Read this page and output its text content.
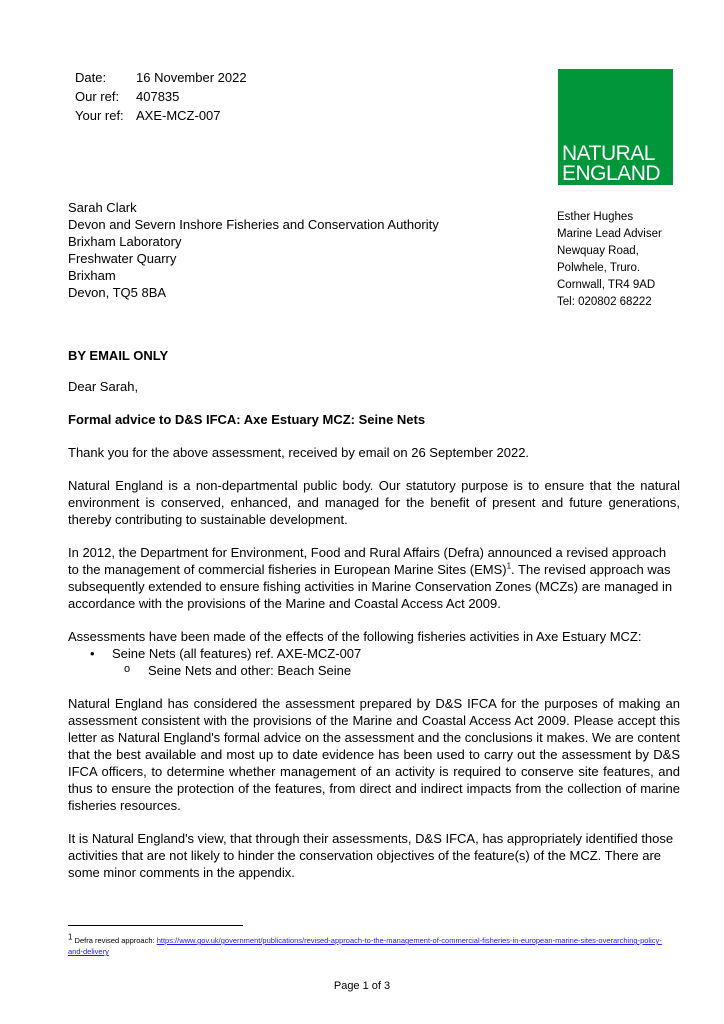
Date:	16 November 2022
Our ref:	407835
Your ref: AXE-MCZ-007
NATURAL
ENGLAND
Sarah Clark
Devon and Severn Inshore Fisheries and Conservation Authority
Brixham Laboratory
Freshwater Quarry
Brixham
Devon, TQ5 8BA
Esther Hughes
Marine Lead Adviser
Newquay Road,
Polwhele, Truro.
Cornwall, TR4 9AD
Tel: 020802 68222

BY EMAIL ONLY

Dear Sarah,

Formal advice to D&S IFCA: Axe Estuary MCZ: Seine Nets

Thank you for the above assessment, received by email on 26 September 2022.

Natural England is a non-departmental public body. Our statutory purpose is to ensure that the natural environment is conserved, enhanced, and managed for the benefit of present and future generations, thereby contributing to sustainable development.

In 2012, the Department for Environment, Food and Rural Affairs (Defra) announced a revised approach to the management of commercial fisheries in European Marine Sites (EMS)$^1$. The revised approach was subsequently extended to ensure fishing activities in Marine Conservation Zones (MCZs) are managed in accordance with the provisions of the Marine and Coastal Access Act 2009.

Assessments have been made of the effects of the following fisheries activities in Axe Estuary MCZ:

• Seine Nets (all features) ref. AXE-MCZ-007
o Seine Nets and other: Beach Seine

Natural England has considered the assessment prepared by D&S IFCA for the purposes of making an assessment consistent with the provisions of the Marine and Coastal Access Act 2009. Please accept this letter as Natural England's formal advice on the assessment and the conclusions it makes. We are content that the best available and most up to date evidence has been used to carry out the assessment by D&S IFCA officers, to determine whether management of an activity is required to conserve site features, and thus to ensure the protection of the features, from direct and indirect impacts from the collection of marine fisheries resources.

It is Natural England's view, that through their assessments, D&S IFCA, has appropriately identified those activities that are not likely to hinder the conservation objectives of the feature(s) of the MCZ. There are some minor comments in the appendix.

$^1$ Defra revised approach: https://www.gov.uk/government/publications/revised-approach-to-the-management-of-commercial-fisheries-in-european-marine-sites-overarching-policy-and-delivery
Page 1 of 3
